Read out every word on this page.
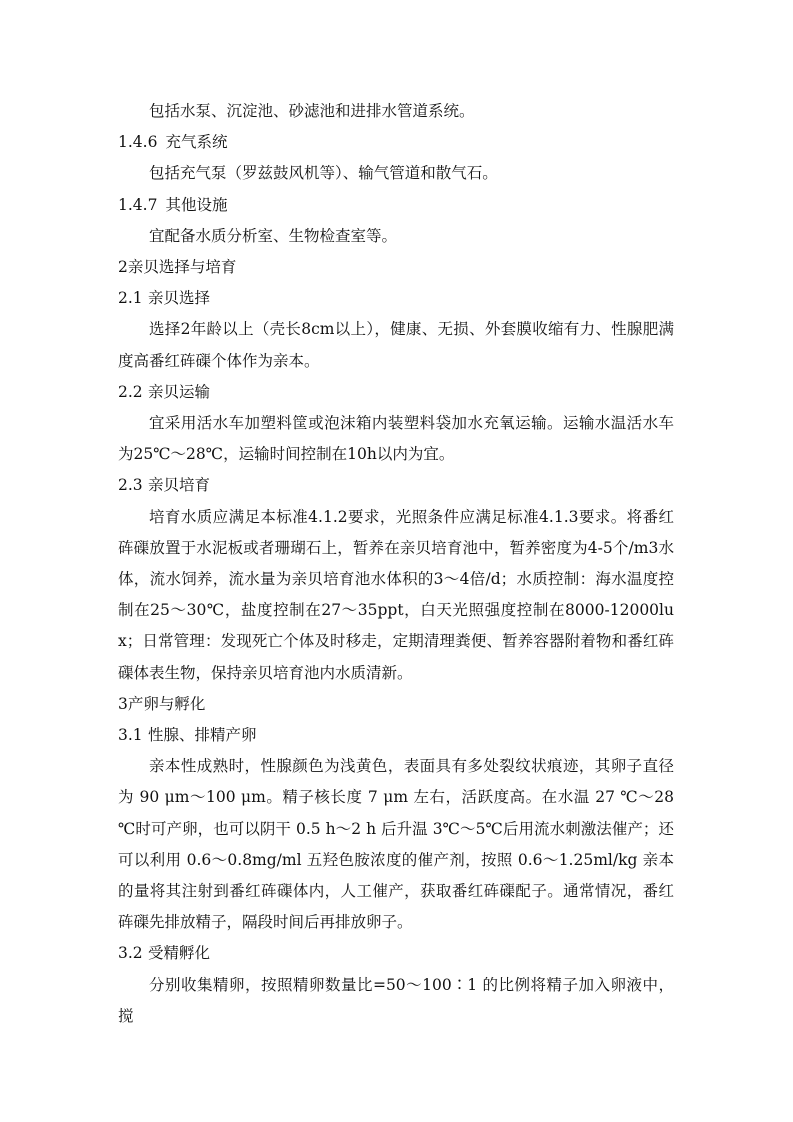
包括水泵、沉淀池、砂滤池和进排水管道系统。

1.4.6 充气系统

包括充气泵（罗兹鼓风机等）、输气管道和散气石。

1.4.7 其他设施

宜配备水质分析室、生物检查室等。

2亲贝选择与培育
2.1 亲贝选择

选择2年龄以上（壳长8cm以上），健康、无损、外套膜收缩有力、性腺肥满度高番红砗磲个体作为亲本。

2.2 亲贝运输

宜采用活水车加塑料筐或泡沫箱内装塑料袋加水充氧运输。运输水温活水车为25℃～28℃，运输时间控制在10h以内为宜。

2.3 亲贝培育

培育水质应满足本标准4.1.2要求，光照条件应满足标准4.1.3要求。将番红砗磲放置于水泥板或者珊瑚石上，暂养在亲贝培育池中，暂养密度为4-5个/m3水体，流水饲养，流水量为亲贝培育池水体积的3～4倍/d；水质控制：海水温度控制在25～30℃，盐度控制在27～35ppt，白天光照强度控制在8000-12000lux；日常管理：发现死亡个体及时移走，定期清理粪便、暂养容器附着物和番红砗磲体表生物，保持亲贝培育池内水质清新。

3产卵与孵化
3.1 性腺、排精产卵

亲本性成熟时，性腺颜色为浅黄色，表面具有多处裂纹状痕迹，其卵子直径为 90 μm～100 μm。精子核长度 7 μm 左右，活跃度高。在水温 27 ℃～28 ℃时可产卵，也可以阴干 0.5 h～2 h 后升温 3℃～5℃后用流水刺激法催产；还可以利用 0.6～0.8mg/ml 五羟色胺浓度的催产剂，按照 0.6～1.25ml/kg 亲本的量将其注射到番红砗磲体内，人工催产，获取番红砗磲配子。通常情况，番红砗磲先排放精子，隔段时间后再排放卵子。

3.2 受精孵化

分别收集精卵，按照精卵数量比=50～100∶1 的比例将精子加入卵液中，搅
